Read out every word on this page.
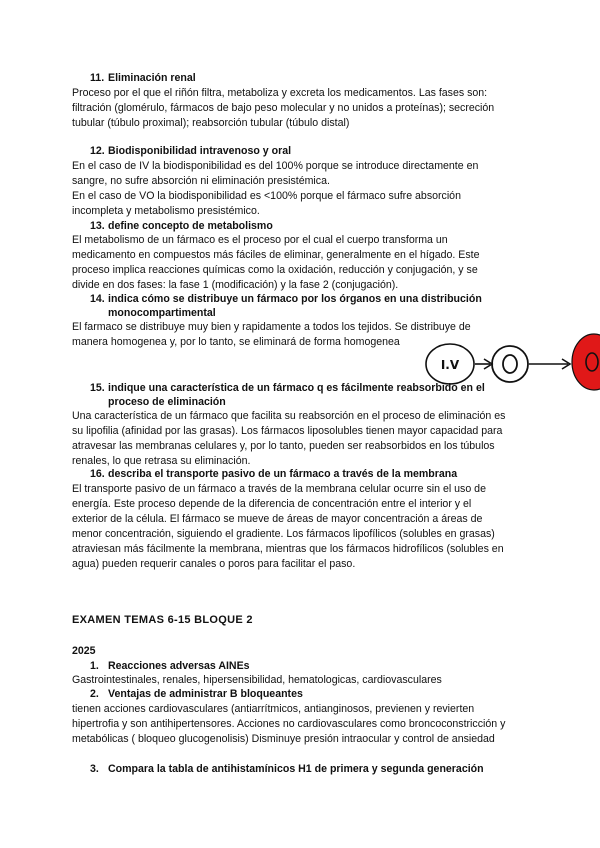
11. Eliminación renal
Proceso por el que el riñón filtra, metaboliza y excreta los medicamentos. Las fases son:
filtración (glomérulo, fármacos de bajo peso molecular y no unidos a proteínas); secreción
tubular (túbulo proximal); reabsorción tubular (túbulo distal)
12. Biodisponibilidad intravenoso y oral
En el caso de IV la biodisponibilidad es del 100% porque se introduce directamente en
sangre, no sufre absorción ni eliminación presistémica.
En el caso de VO la biodisponibilidad es <100% porque el fármaco sufre absorción
incompleta y metabolismo presistémico.
13. define concepto de metabolismo
El metabolismo de un fármaco es el proceso por el cual el cuerpo transforma un
medicamento en compuestos más fáciles de eliminar, generalmente en el hígado. Este
proceso implica reacciones químicas como la oxidación, reducción y conjugación, y se
divide en dos fases: la fase 1 (modificación) y la fase 2 (conjugación).
14. indica cómo se distribuye un fármaco por los órganos en una distribución
monocompartimental
El farmaco se distribuye muy bien y rapidamente a todos los tejidos. Se distribuye de
manera homogenea y, por lo tanto, se eliminará de forma homogenea
I.V
15. indique una característica de un fármaco q es fácilmente reabsorbido en el
proceso de eliminación
Una característica de un fármaco que facilita su reabsorción en el proceso de eliminación es
su lipofilia (afinidad por las grasas). Los fármacos liposolubles tienen mayor capacidad para
atravesar las membranas celulares y, por lo tanto, pueden ser reabsorbidos en los túbulos
renales, lo que retrasa su eliminación.
16. describa el transporte pasivo de un fármaco a través de la membrana
El transporte pasivo de un fármaco a través de la membrana celular ocurre sin el uso de
energía. Este proceso depende de la diferencia de concentración entre el interior y el
exterior de la célula. El fármaco se mueve de áreas de mayor concentración a áreas de
menor concentración, siguiendo el gradiente. Los fármacos lipofílicos (solubles en grasas)
atraviesan más fácilmente la membrana, mientras que los fármacos hidrofílicos (solubles en
agua) pueden requerir canales o poros para facilitar el paso.
EXAMEN TEMAS 6-15 BLOQUE 2
2025
1. Reacciones adversas AINEs
Gastrointestinales, renales, hipersensibilidad, hematologicas, cardiovasculares
2. Ventajas de administrar B bloqueantes
tienen acciones cardiovasculares (antiarrítmicos, antianginosos, previenen y revierten
hipertrofia y son antihipertensores. Acciones no cardiovasculares como broncoconstricción y
metabólicas ( bloqueo glucogenolisis) Disminuye presión intraocular y control de ansiedad
3. Compara la tabla de antihistamínicos H1 de primera y segunda generación
